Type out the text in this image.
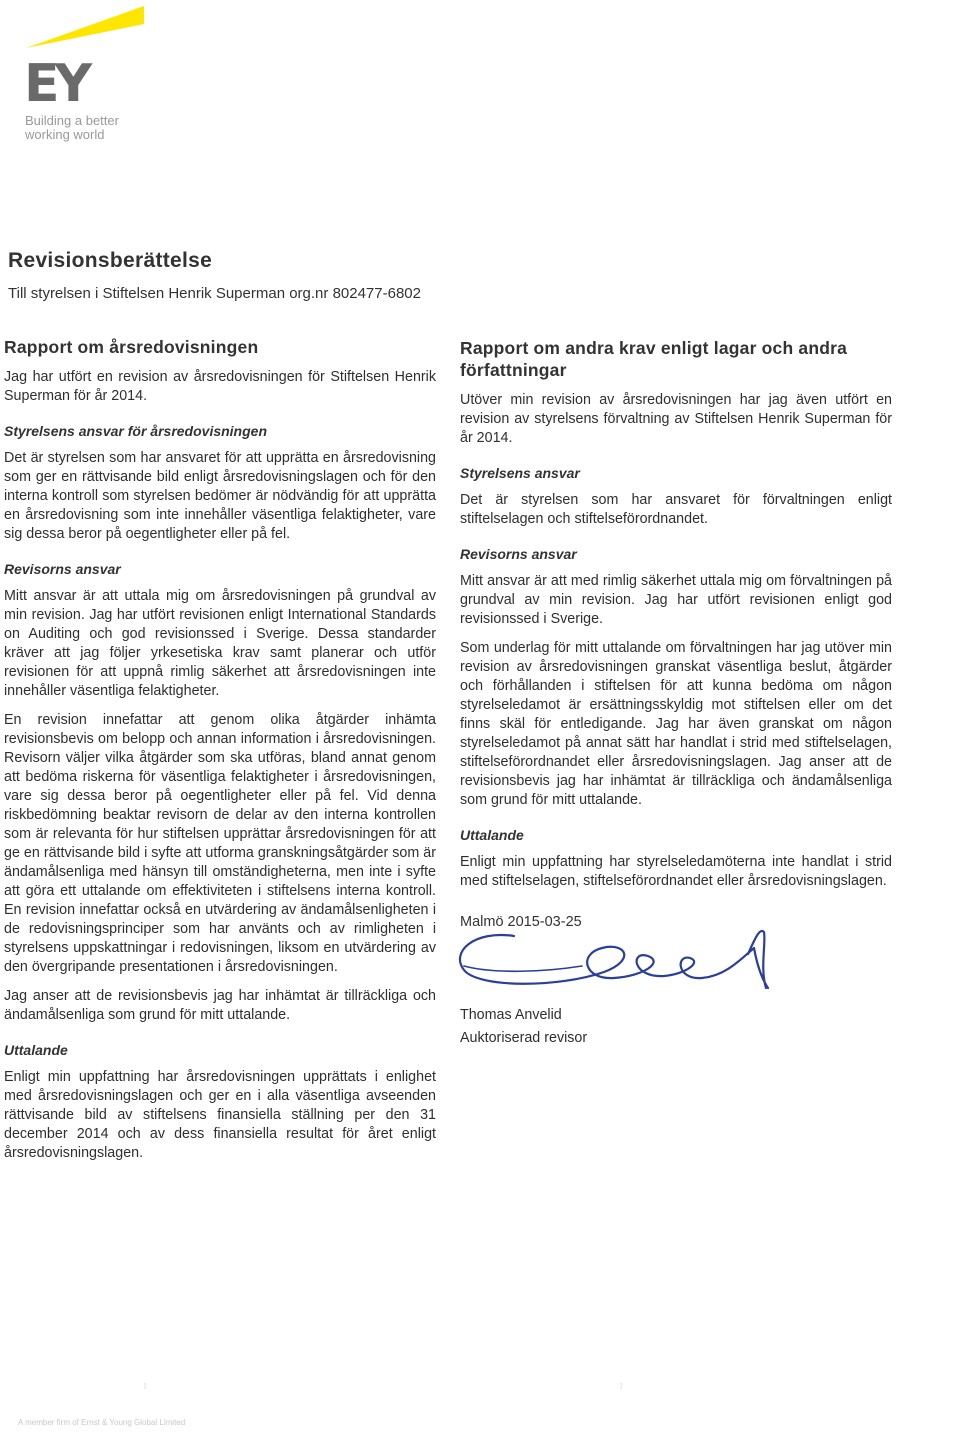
EY
Building a better
working world
Revisionsberättelse

Till styrelsen i Stiftelsen Henrik Superman org.nr 802477-6802

Rapport om årsredovisningen

Jag har utfört en revision av årsredovisningen för Stiftelsen Henrik Superman för år 2014.

Styrelsens ansvar för årsredovisningen

Det är styrelsen som har ansvaret för att upprätta en årsredovisning som ger en rättvisande bild enligt årsredovisningslagen och för den interna kontroll som styrelsen bedömer är nödvändig för att upprätta en årsredovisning som inte innehåller väsentliga felaktigheter, vare sig dessa beror på oegentligheter eller på fel.

Revisorns ansvar

Mitt ansvar är att uttala mig om årsredovisningen på grundval av min revision. Jag har utfört revisionen enligt International Standards on Auditing och god revisionssed i Sverige. Dessa standarder kräver att jag följer yrkesetiska krav samt planerar och utför revisionen för att uppnå rimlig säkerhet att årsredovisningen inte innehåller väsentliga felaktigheter.

En revision innefattar att genom olika åtgärder inhämta revisionsbevis om belopp och annan information i årsredovisningen. Revisorn väljer vilka åtgärder som ska utföras, bland annat genom att bedöma riskerna för väsentliga felaktigheter i årsredovisningen, vare sig dessa beror på oegentligheter eller på fel. Vid denna riskbedömning beaktar revisorn de delar av den interna kontrollen som är relevanta för hur stiftelsen upprättar årsredovisningen för att ge en rättvisande bild i syfte att utforma granskningsåtgärder som är ändamålsenliga med hänsyn till omständigheterna, men inte i syfte att göra ett uttalande om effektiviteten i stiftelsens interna kontroll. En revision innefattar också en utvärdering av ändamålsenligheten i de redovisningsprinciper som har använts och av rimligheten i styrelsens uppskattningar i redovisningen, liksom en utvärdering av den övergripande presentationen i årsredovisningen.

Jag anser att de revisionsbevis jag har inhämtat är tillräckliga och ändamålsenliga som grund för mitt uttalande.

Uttalande

Enligt min uppfattning har årsredovisningen upprättats i enlighet med årsredovisningslagen och ger en i alla väsentliga avseenden rättvisande bild av stiftelsens finansiella ställning per den 31 december 2014 och av dess finansiella resultat för året enligt årsredovisningslagen.

Rapport om andra krav enligt lagar och andra författningar

Utöver min revision av årsredovisningen har jag även utfört en revision av styrelsens förvaltning av Stiftelsen Henrik Superman för år 2014.

Styrelsens ansvar

Det är styrelsen som har ansvaret för förvaltningen enligt stiftelselagen och stiftelseförordnandet.

Revisorns ansvar

Mitt ansvar är att med rimlig säkerhet uttala mig om förvaltningen på grundval av min revision. Jag har utfört revisionen enligt god revisionssed i Sverige.

Som underlag för mitt uttalande om förvaltningen har jag utöver min revision av årsredovisningen granskat väsentliga beslut, åtgärder och förhållanden i stiftelsen för att kunna bedöma om någon styrelseledamot är ersättningsskyldig mot stiftelsen eller om det finns skäl för entledigande. Jag har även granskat om någon styrelseledamot på annat sätt har handlat i strid med stiftelselagen, stiftelseförordnandet eller årsredovisningslagen. Jag anser att de revisionsbevis jag har inhämtat är tillräckliga och ändamålsenliga som grund för mitt uttalande.

Uttalande

Enligt min uppfattning har styrelseledamöterna inte handlat i strid med stiftelselagen, stiftelseförordnandet eller årsredovisningslagen.

Malmö 2015-03-25

Thomas Anvelid

Auktoriserad revisor

⁞	⁞
A member firm of Ernst & Young Global Limited
